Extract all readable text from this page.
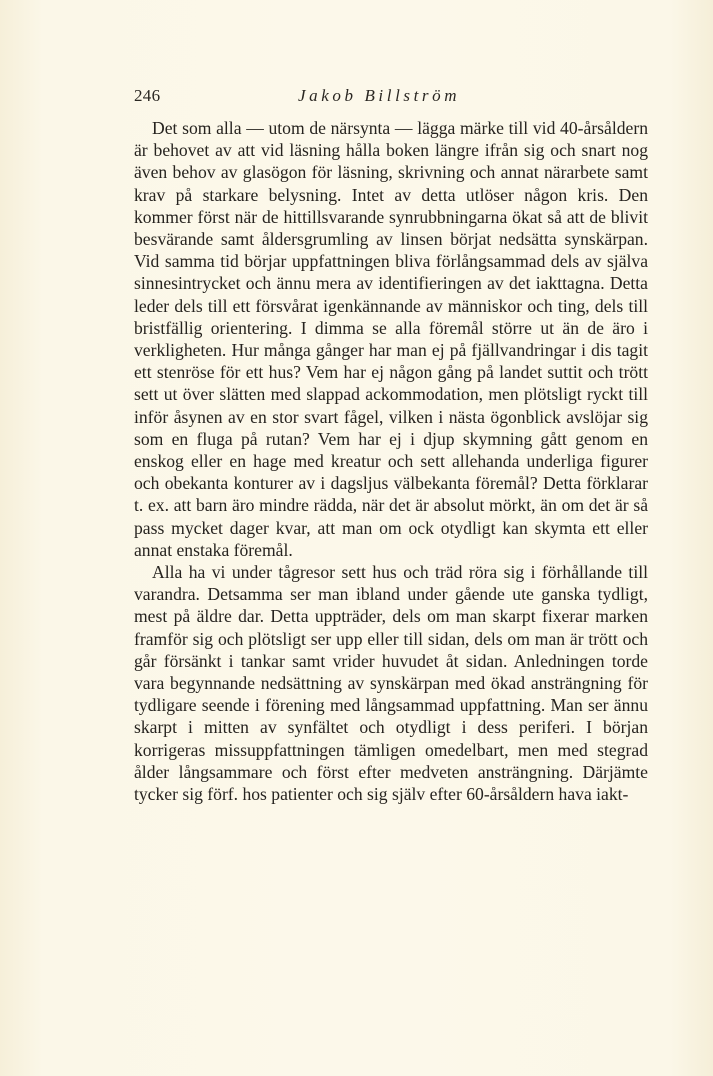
246	Jakob Billström

Det som alla — utom de närsynta — lägga märke till vid 40-årsåldern är behovet av att vid läsning hålla boken längre ifrån sig och snart nog även behov av glasögon för läsning, skrivning och annat närarbete samt krav på starkare belysning. Intet av detta utlöser någon kris. Den kommer först när de hittillsvarande synrubbningarna ökat så att de blivit besvärande samt åldersgrumling av linsen börjat nedsätta synskärpan. Vid samma tid börjar uppfattningen bliva förlångsammad dels av själva sinnesintrycket och ännu mera av identifieringen av det iakttagna. Detta leder dels till ett försvårat igenkännande av människor och ting, dels till bristfällig orientering. I dimma se alla föremål större ut än de äro i verkligheten. Hur många gånger har man ej på fjällvandringar i dis tagit ett stenröse för ett hus? Vem har ej någon gång på landet suttit och trött sett ut över slätten med slappad ackommodation, men plötsligt ryckt till inför åsynen av en stor svart fågel, vilken i nästa ögonblick avslöjar sig som en fluga på rutan? Vem har ej i djup skymning gått genom en enskog eller en hage med kreatur och sett allehanda underliga figurer och obekanta konturer av i dagsljus välbekanta föremål? Detta förklarar t. ex. att barn äro mindre rädda, när det är absolut mörkt, än om det är så pass mycket dager kvar, att man om ock otydligt kan skymta ett eller annat enstaka föremål.

Alla ha vi under tågresor sett hus och träd röra sig i förhållande till varandra. Detsamma ser man ibland under gående ute ganska tydligt, mest på äldre dar. Detta uppträder, dels om man skarpt fixerar marken framför sig och plötsligt ser upp eller till sidan, dels om man är trött och går försänkt i tankar samt vrider huvudet åt sidan. Anledningen torde vara begynnande nedsättning av synskärpan med ökad ansträngning för tydligare seende i förening med långsammad uppfattning. Man ser ännu skarpt i mitten av synfältet och otydligt i dess periferi. I början korrigeras missuppfattningen tämligen omedelbart, men med stegrad ålder långsammare och först efter medveten ansträngning. Därjämte tycker sig förf. hos patienter och sig själv efter 60-årsåldern hava iakt-
